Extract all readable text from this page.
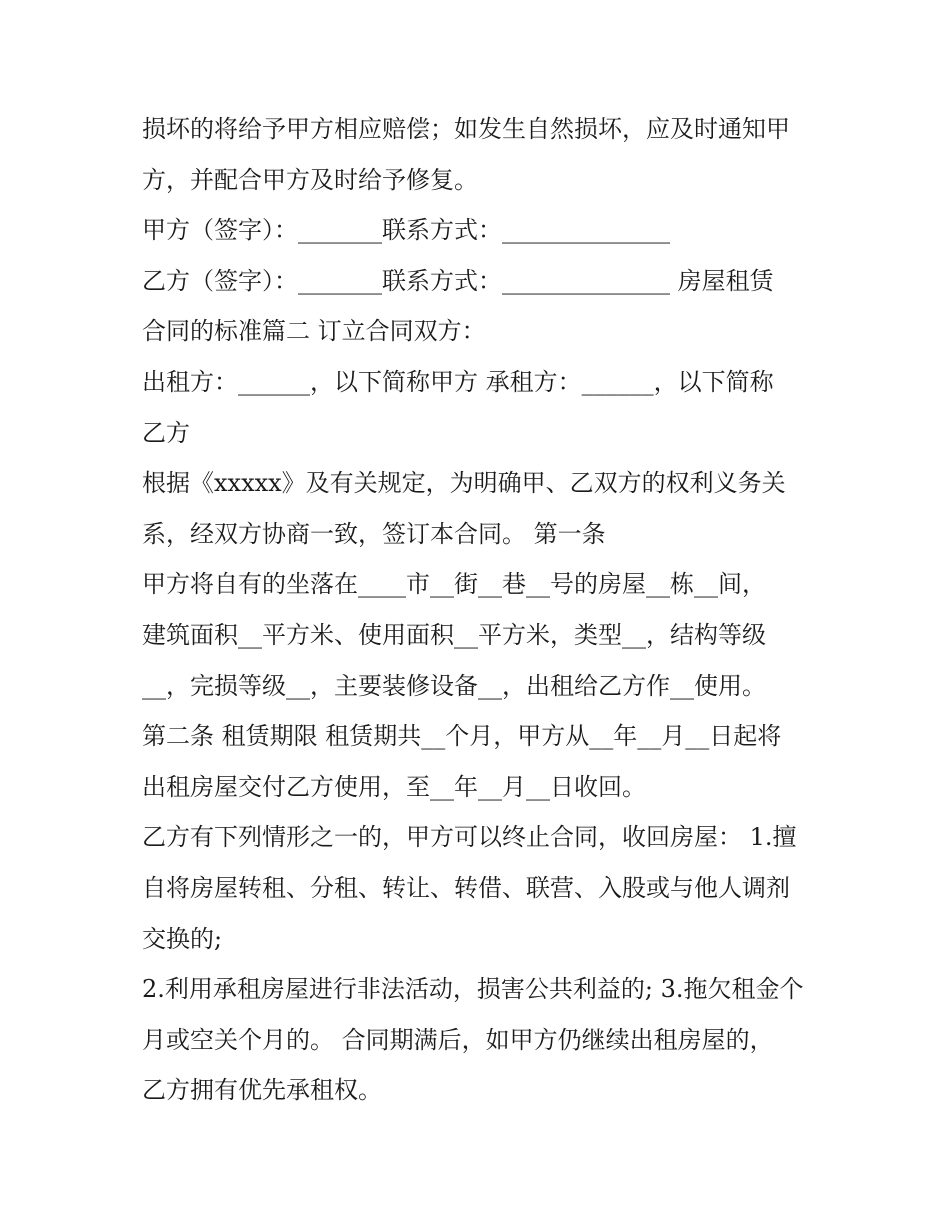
损坏的将给予甲方相应赔偿；如发生自然损坏，应及时通知甲
方，并配合甲方及时给予修复。
甲方（签字）：_______联系方式：______________
乙方（签字）：_______联系方式：______________ 房屋租赁
合同的标准篇二 订立合同双方：
出租方：______，以下简称甲方 承租方：______，以下简称
乙方
根据《xxxxx》及有关规定，为明确甲、乙双方的权利义务关
系，经双方协商一致，签订本合同。 第一条
甲方将自有的坐落在____市__街__巷__号的房屋__栋__间，
建筑面积__平方米、使用面积__平方米，类型__，结构等级
__，完损等级__，主要装修设备__，出租给乙方作__使用。
第二条 租赁期限 租赁期共__个月，甲方从__年__月__日起将
出租房屋交付乙方使用，至__年__月__日收回。
乙方有下列情形之一的，甲方可以终止合同，收回房屋： 1.擅
自将房屋转租、分租、转让、转借、联营、入股或与他人调剂
交换的;
2.利用承租房屋进行非法活动，损害公共利益的; 3.拖欠租金个
月或空关个月的。 合同期满后，如甲方仍继续出租房屋的，
乙方拥有优先承租权。
